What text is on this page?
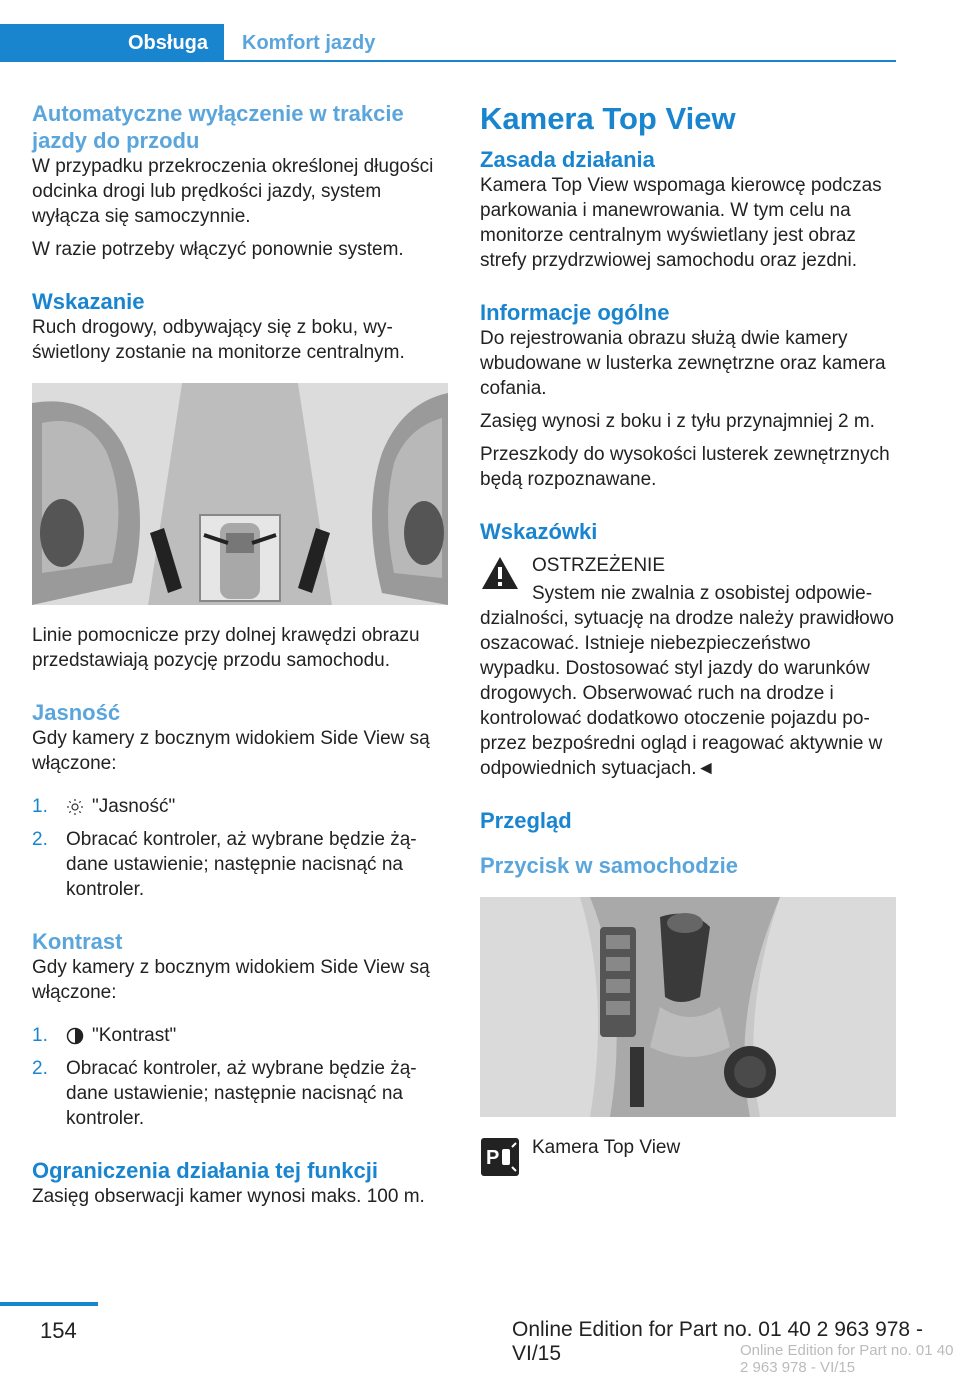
Obsługa	Komfort jazdy
Automatyczne wyłączenie w trakcie jazdy do przodu

W przypadku przekroczenia określonej długości odcinka drogi lub prędkości jazdy, system wyłącza się samoczynnie.

W razie potrzeby włączyć ponownie system.

Wskazanie

Ruch drogowy, odbywający się z boku, wyświetlony zostanie na monitorze centralnym.

Linie pomocnicze przy dolnej krawędzi obrazu przedstawiają pozycję przodu samochodu.

Jasność

Gdy kamery z bocznym widokiem Side View są włączone:

1.	"Jasność"
2. Obracać kontroler, aż wybrane będzie żądane ustawienie; następnie nacisnąć na kontroler.
Kontrast

Gdy kamery z bocznym widokiem Side View są włączone:

1.	"Kontrast"
2. Obracać kontroler, aż wybrane będzie żądane ustawienie; następnie nacisnąć na kontroler.
Ograniczenia działania tej funkcji

Zasięg obserwacji kamer wynosi maks. 100 m.

Kamera Top View
Zasada działania

Kamera Top View wspomaga kierowcę podczas parkowania i manewrowania. W tym celu na monitorze centralnym wyświetlany jest obraz strefy przydrzwiowej samochodu oraz jezdni.

Informacje ogólne

Do rejestrowania obrazu służą dwie kamery wbudowane w lusterka zewnętrzne oraz kamera cofania.

Zasięg wynosi z boku i z tyłu przynajmniej 2 m.

Przeszkody do wysokości lusterek zewnętrznych będą rozpoznawane.

Wskazówki
OSTRZEŻENIE

System nie zwalnia z osobistej odpowiedzialności, sytuację na drodze należy prawidłowo oszacować. Istnieje niebezpieczeństwo wypadku. Dostosować styl jazdy do warunków drogowych. Obserwować ruch na drodze i kontrolować dodatkowo otoczenie pojazdu poprzez bezpośredni ogląd i reagować aktywnie w odpowiednich sytuacjach.◄

Przegląd
Przycisk w samochodzie
P Kamera Top View
154	Online Edition for Part no. 01 40 2 963 978 - VI/15	Online Edition for Part no. 01 40 2 963 978 - VI/15
